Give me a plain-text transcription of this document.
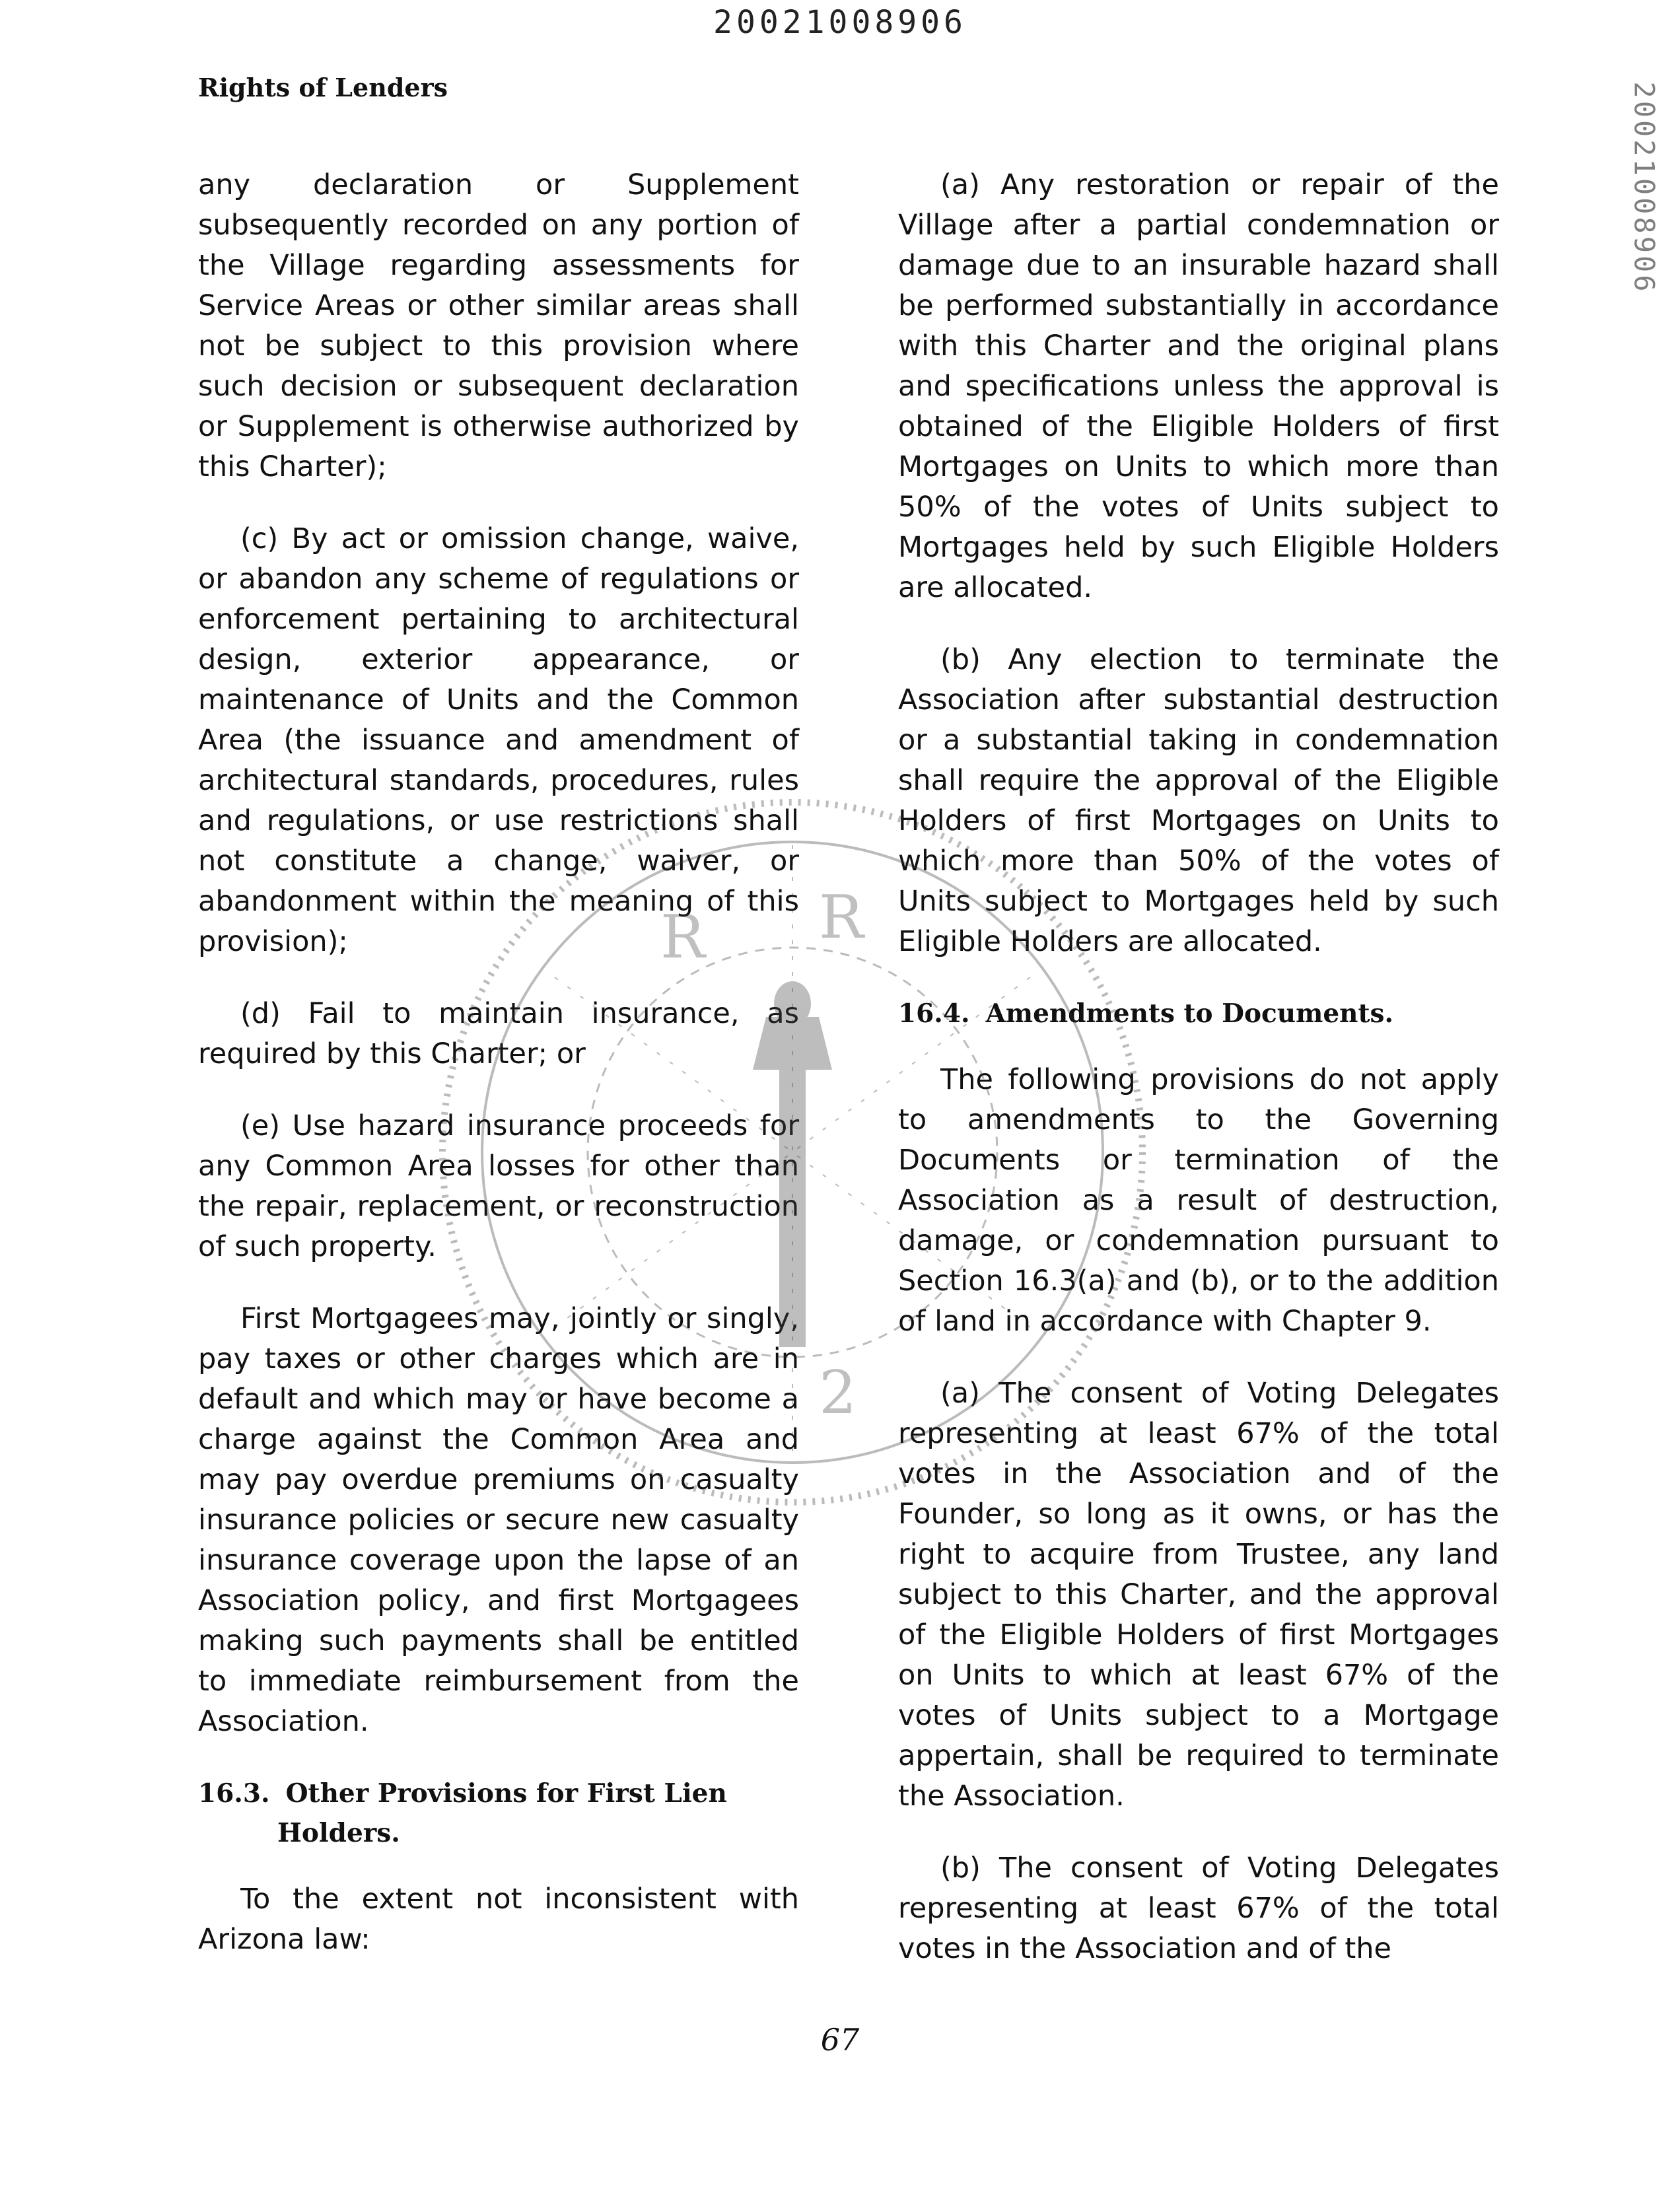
20021008906
20021008906
Rights of Lenders

any declaration or Supplement subsequently recorded on any portion of the Village regarding assessments for Service Areas or other similar areas shall not be subject to this provision where such decision or subsequent declaration or Supplement is otherwise authorized by this Charter);

(c) By act or omission change, waive, or abandon any scheme of regulations or enforcement pertaining to architectural design, exterior appearance, or maintenance of Units and the Common Area (the issuance and amendment of architectural standards, procedures, rules and regulations, or use restrictions shall not constitute a change, waiver, or abandonment within the meaning of this provision);

(d) Fail to maintain insurance, as required by this Charter; or

(e) Use hazard insurance proceeds for any Common Area losses for other than the repair, replacement, or reconstruction of such property.

First Mortgagees may, jointly or singly, pay taxes or other charges which are in default and which may or have become a charge against the Common Area and may pay overdue premiums on casualty insurance policies or secure new casualty insurance coverage upon the lapse of an Association policy, and first Mortgagees making such payments shall be entitled to immediate reimbursement from the Association.

16.3. Other Provisions for First Lien Holders.

To the extent not inconsistent with Arizona law:

(a) Any restoration or repair of the Village after a partial condemnation or damage due to an insurable hazard shall be performed substantially in accordance with this Charter and the original plans and specifications unless the approval is obtained of the Eligible Holders of first Mortgages on Units to which more than 50% of the votes of Units subject to Mortgages held by such Eligible Holders are allocated.

(b) Any election to terminate the Association after substantial destruction or a substantial taking in condemnation shall require the approval of the Eligible Holders of first Mortgages on Units to which more than 50% of the votes of Units subject to Mortgages held by such Eligible Holders are allocated.

16.4. Amendments to Documents.

The following provisions do not apply to amendments to the Governing Documents or termination of the Association as a result of destruction, damage, or condemnation pursuant to Section 16.3(a) and (b), or to the addition of land in accordance with Chapter 9.

(a) The consent of Voting Delegates representing at least 67% of the total votes in the Association and of the Founder, so long as it owns, or has the right to acquire from Trustee, any land subject to this Charter, and the approval of the Eligible Holders of first Mortgages on Units to which at least 67% of the votes of Units subject to a Mortgage appertain, shall be required to terminate the Association.

(b) The consent of Voting Delegates representing at least 67% of the total votes in the Association and of the

R R
2
67
